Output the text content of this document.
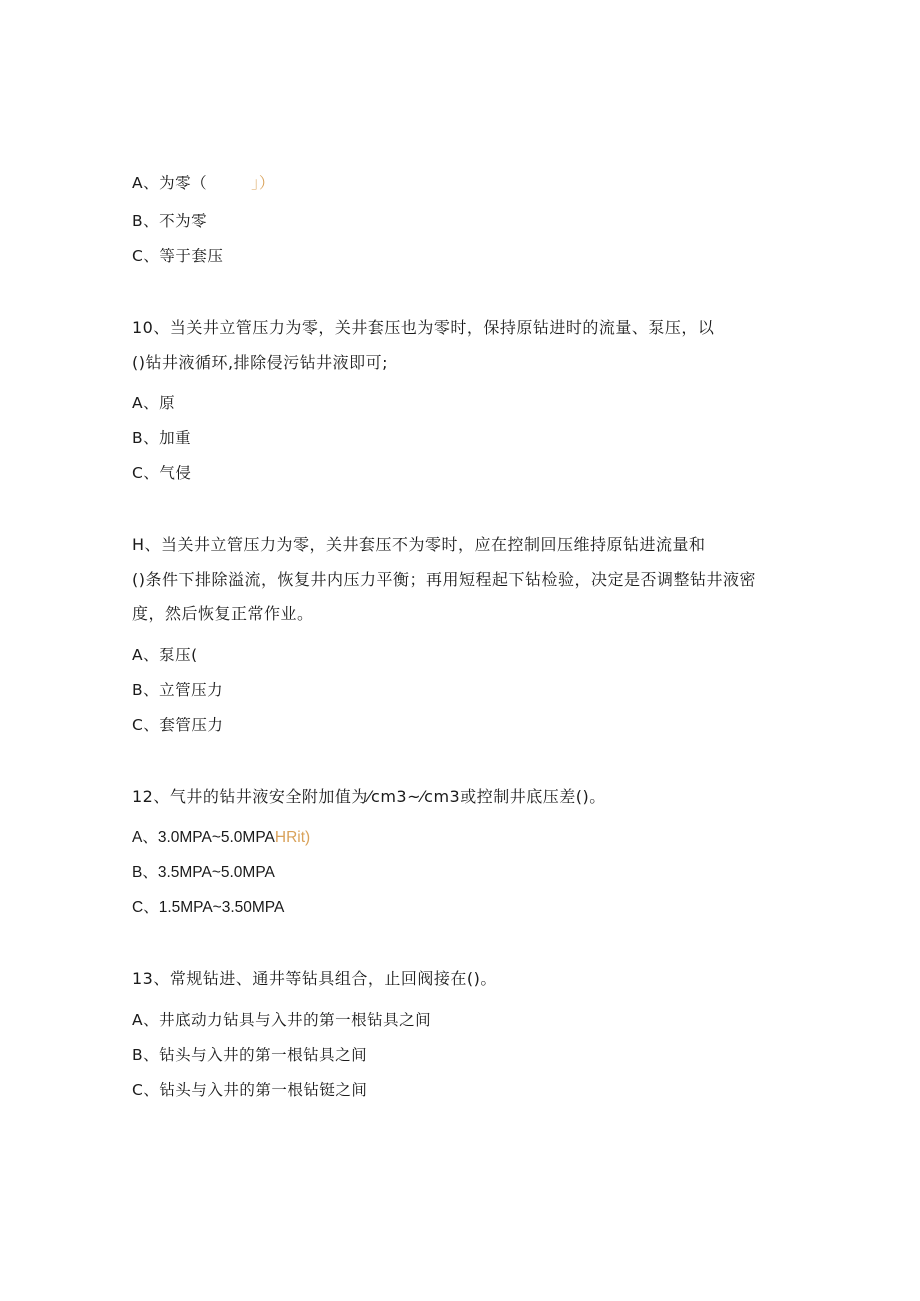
A、为零（	」）
B、不为零
C、等于套压
10、当关井立管压力为零，关井套压也为零时，保持原钻进时的流量、泵压，以
()钻井液循环,排除侵污钻井液即可;
A、原
B、加重
C、气侵
H、当关井立管压力为零，关井套压不为零时，应在控制回压维持原钻进流量和
()条件下排除溢流，恢复井内压力平衡；再用短程起下钻检验，决定是否调整钻井液密
度，然后恢复正常作业。
A、泵压(
B、立管压力
C、套管压力
12、气井的钻井液安全附加值为⁄cm3~⁄cm3或控制井底压差()。
A、3.0MPA~5.0MPAHRit)
B、3.5MPA~5.0MPA
C、1.5MPA~3.50MPA
13、常规钻进、通井等钻具组合，止回阀接在()。
A、井底动力钻具与入井的第一根钻具之间
B、钻头与入井的第一根钻具之间
C、钻头与入井的第一根钻铤之间
